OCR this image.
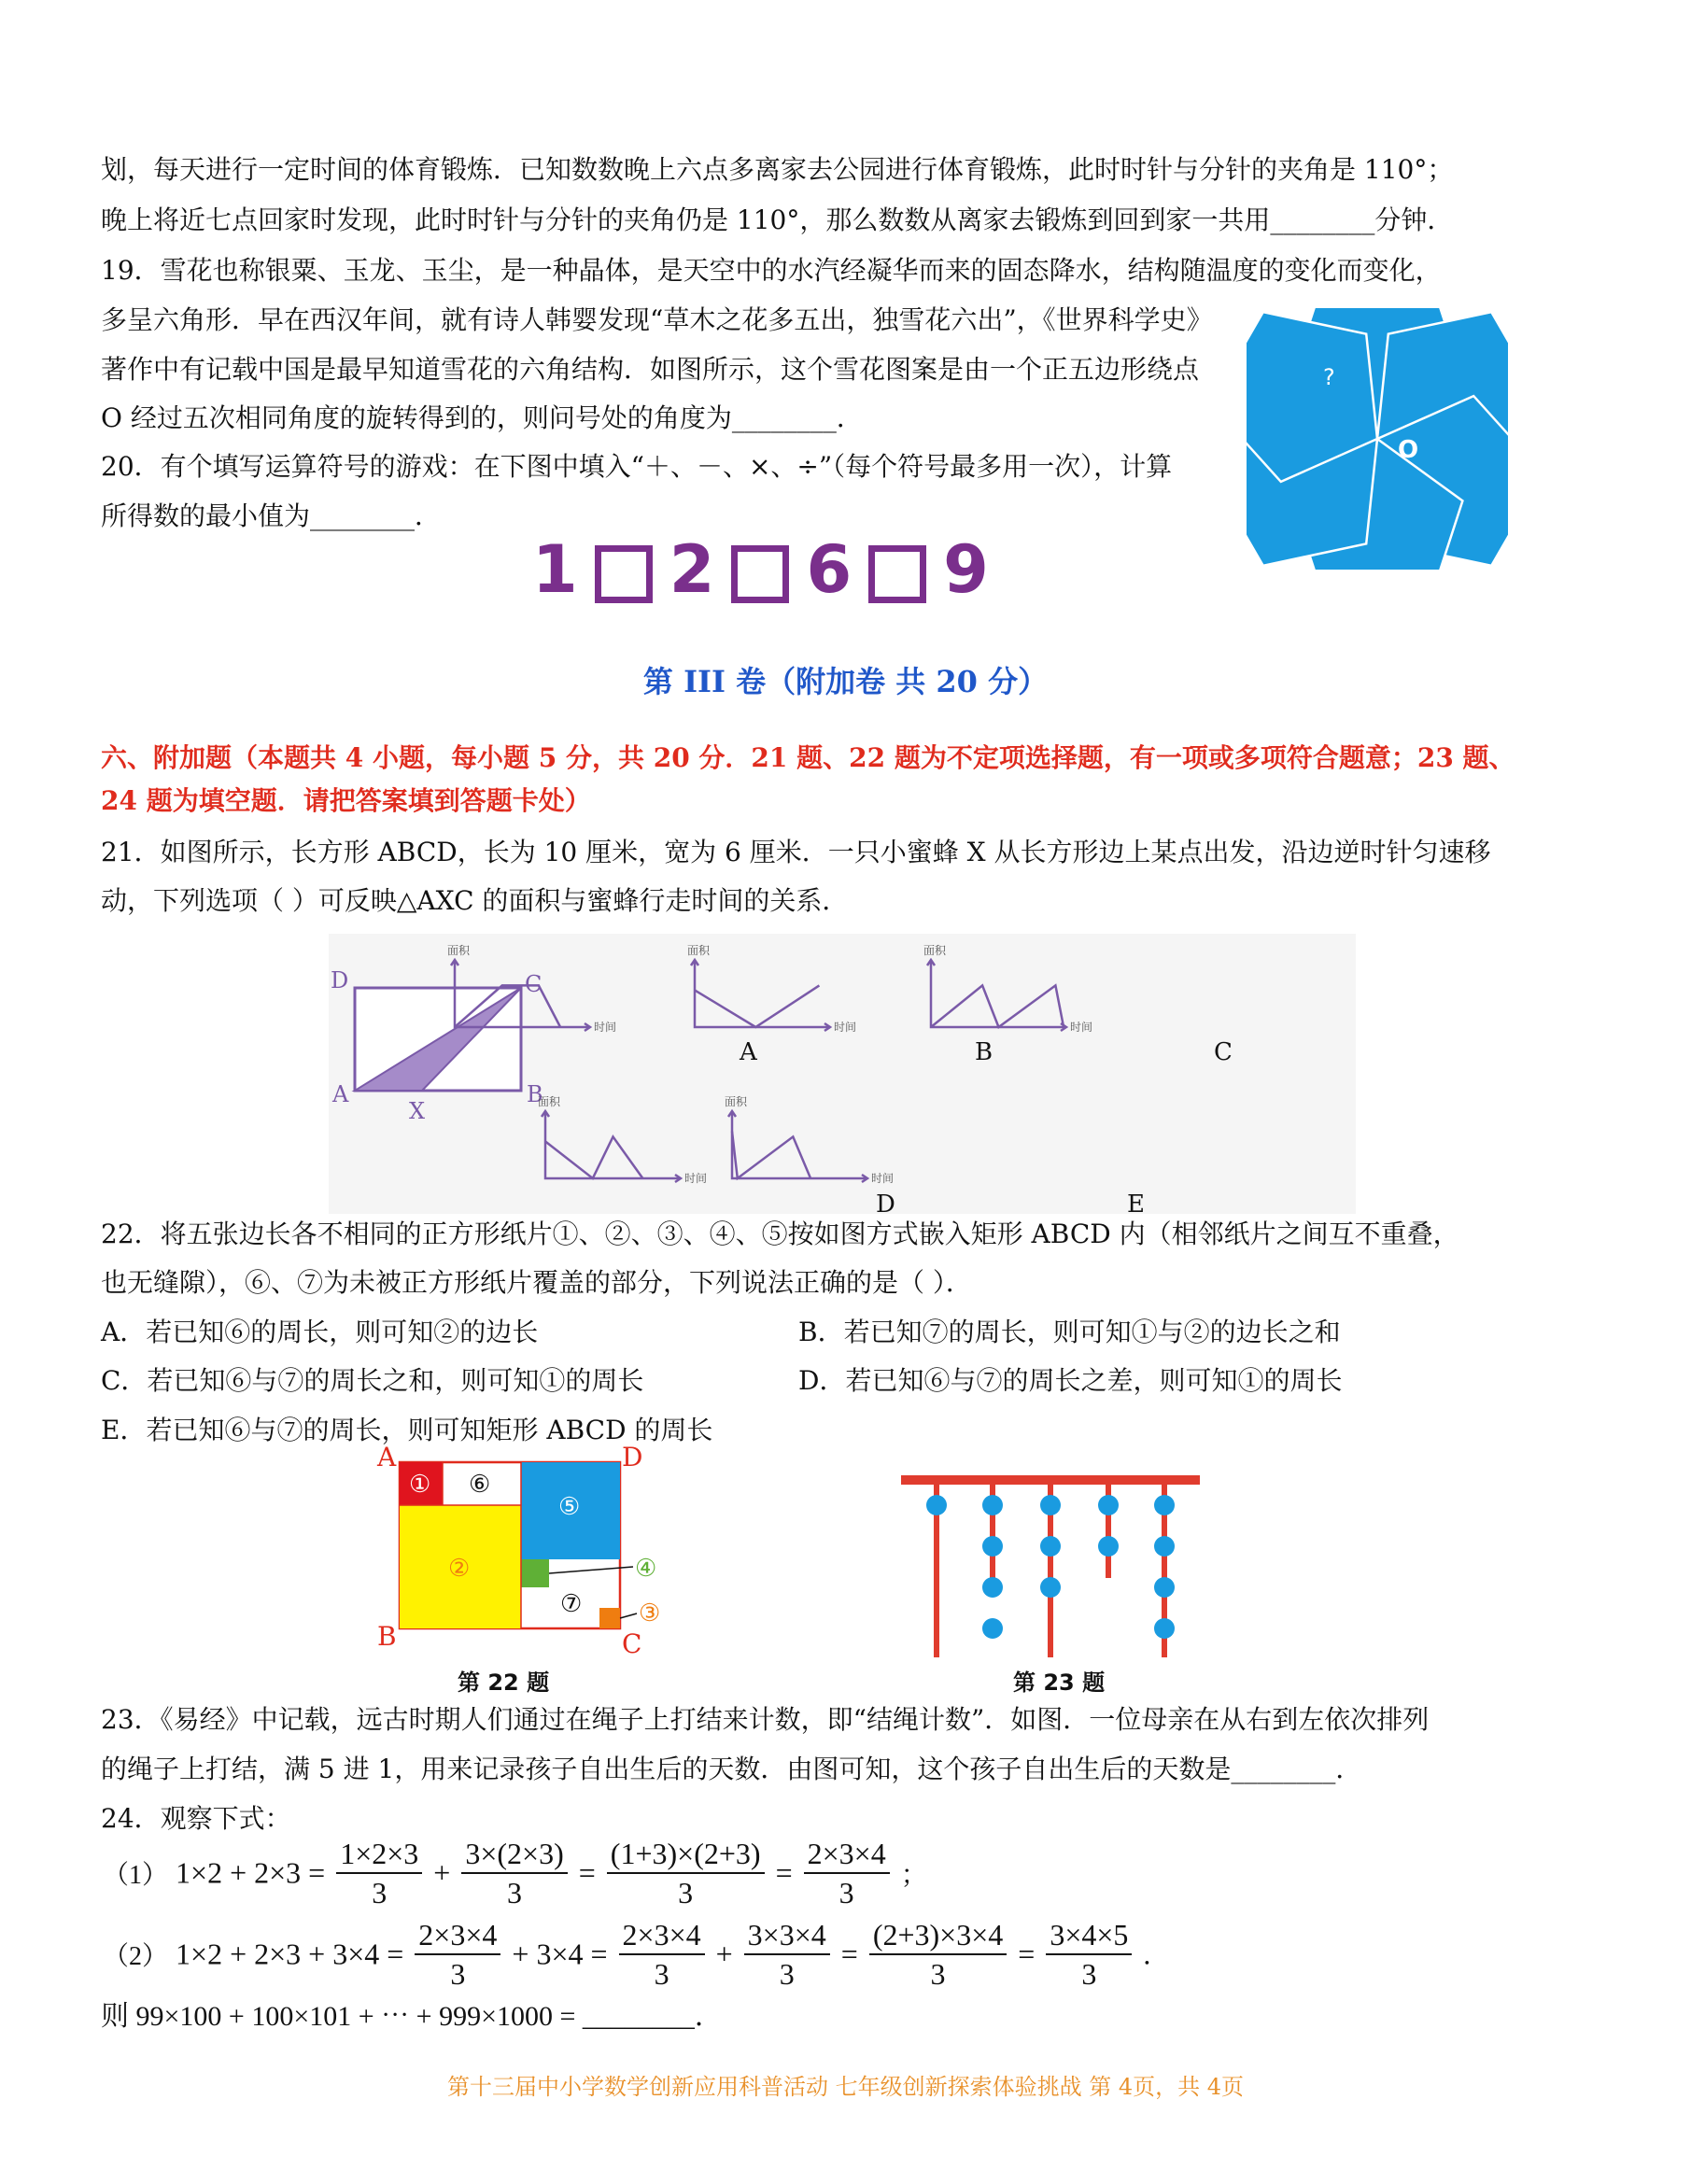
划，每天进行一定时间的体育锻炼．已知数数晚上六点多离家去公园进行体育锻炼，此时时针与分针的夹角是 110°；
晚上将近七点回家时发现，此时时针与分针的夹角仍是 110°，那么数数从离家去锻炼到回到家一共用________分钟．
19．雪花也称银粟、玉龙、玉尘，是一种晶体，是天空中的水汽经凝华而来的固态降水，结构随温度的变化而变化，
多呈六角形．早在西汉年间，就有诗人韩婴发现“草木之花多五出，独雪花六出”，《世界科学史》
著作中有记载中国是最早知道雪花的六角结构．如图所示，这个雪花图案是由一个正五边形绕点
O 经过五次相同角度的旋转得到的，则问号处的角度为________．
?
O
20．有个填写运算符号的游戏：在下图中填入“＋、－、×、÷”（每个符号最多用一次），计算
所得数的最小值为________．
1 2 6 9
第 III 卷（附加卷 共 20 分）
六、附加题（本题共 4 小题，每小题 5 分，共 20 分．21 题、22 题为不定项选择题，有一项或多项符合题意；23 题、
24 题为填空题．请把答案填到答题卡处）
21．如图所示，长方形 ABCD，长为 10 厘米，宽为 6 厘米．一只小蜜蜂 X 从长方形边上某点出发，沿边逆时针匀速移
动，下列选项（ ）可反映△AXC 的面积与蜜蜂行走时间的关系．
D	C
A	B
X
面积
时间
面积
时间
面积
时间
面积
时间
面积
时间
A	B	C
D	E
22．将五张边长各不相同的正方形纸片①、②、③、④、⑤按如图方式嵌入矩形 ABCD 内（相邻纸片之间互不重叠，
也无缝隙），⑥、⑦为未被正方形纸片覆盖的部分，下列说法正确的是（ ）．
A．若已知⑥的周长，则可知②的边长	B．若已知⑦的周长，则可知①与②的边长之和
C．若已知⑥与⑦的周长之和，则可知①的周长	D．若已知⑥与⑦的周长之差，则可知①的周长
E．若已知⑥与⑦的周长，则可知矩形 ABCD 的周长
A	D
B	C
① ⑥
⑤
②
⑦
④
③
第 22 题	第 23 题
23．《易经》中记载，远古时期人们通过在绳子上打结来计数，即“结绳计数”．如图．一位母亲在从右到左依次排列
的绳子上打结，满 5 进 1，用来记录孩子自出生后的天数．由图可知，这个孩子自出生后的天数是________．
24．观察下式：
（1） $1\times 2 + 2\times 3 = \frac{1\times 2\times 3}{3} + \frac{3\times(2\times 3)}{3} = \frac{(1+3)\times(2+3)}{3} = \frac{2\times 3\times 4}{3}$ ；
（2） $1\times 2 + 2\times 3 + 3\times 4 = \frac{2\times 3\times 4}{3} + 3\times 4 = \frac{2\times 3\times 4}{3} + \frac{3\times 3\times 4}{3} = \frac{(2+3)\times 3\times 4}{3} = \frac{3\times 4\times 5}{3}$ .
则 99×100 + 100×101 + ⋯ + 999×1000 = ________．
第十三届中小学数学创新应用科普活动 七年级创新探索体验挑战 第 4页，共 4页
